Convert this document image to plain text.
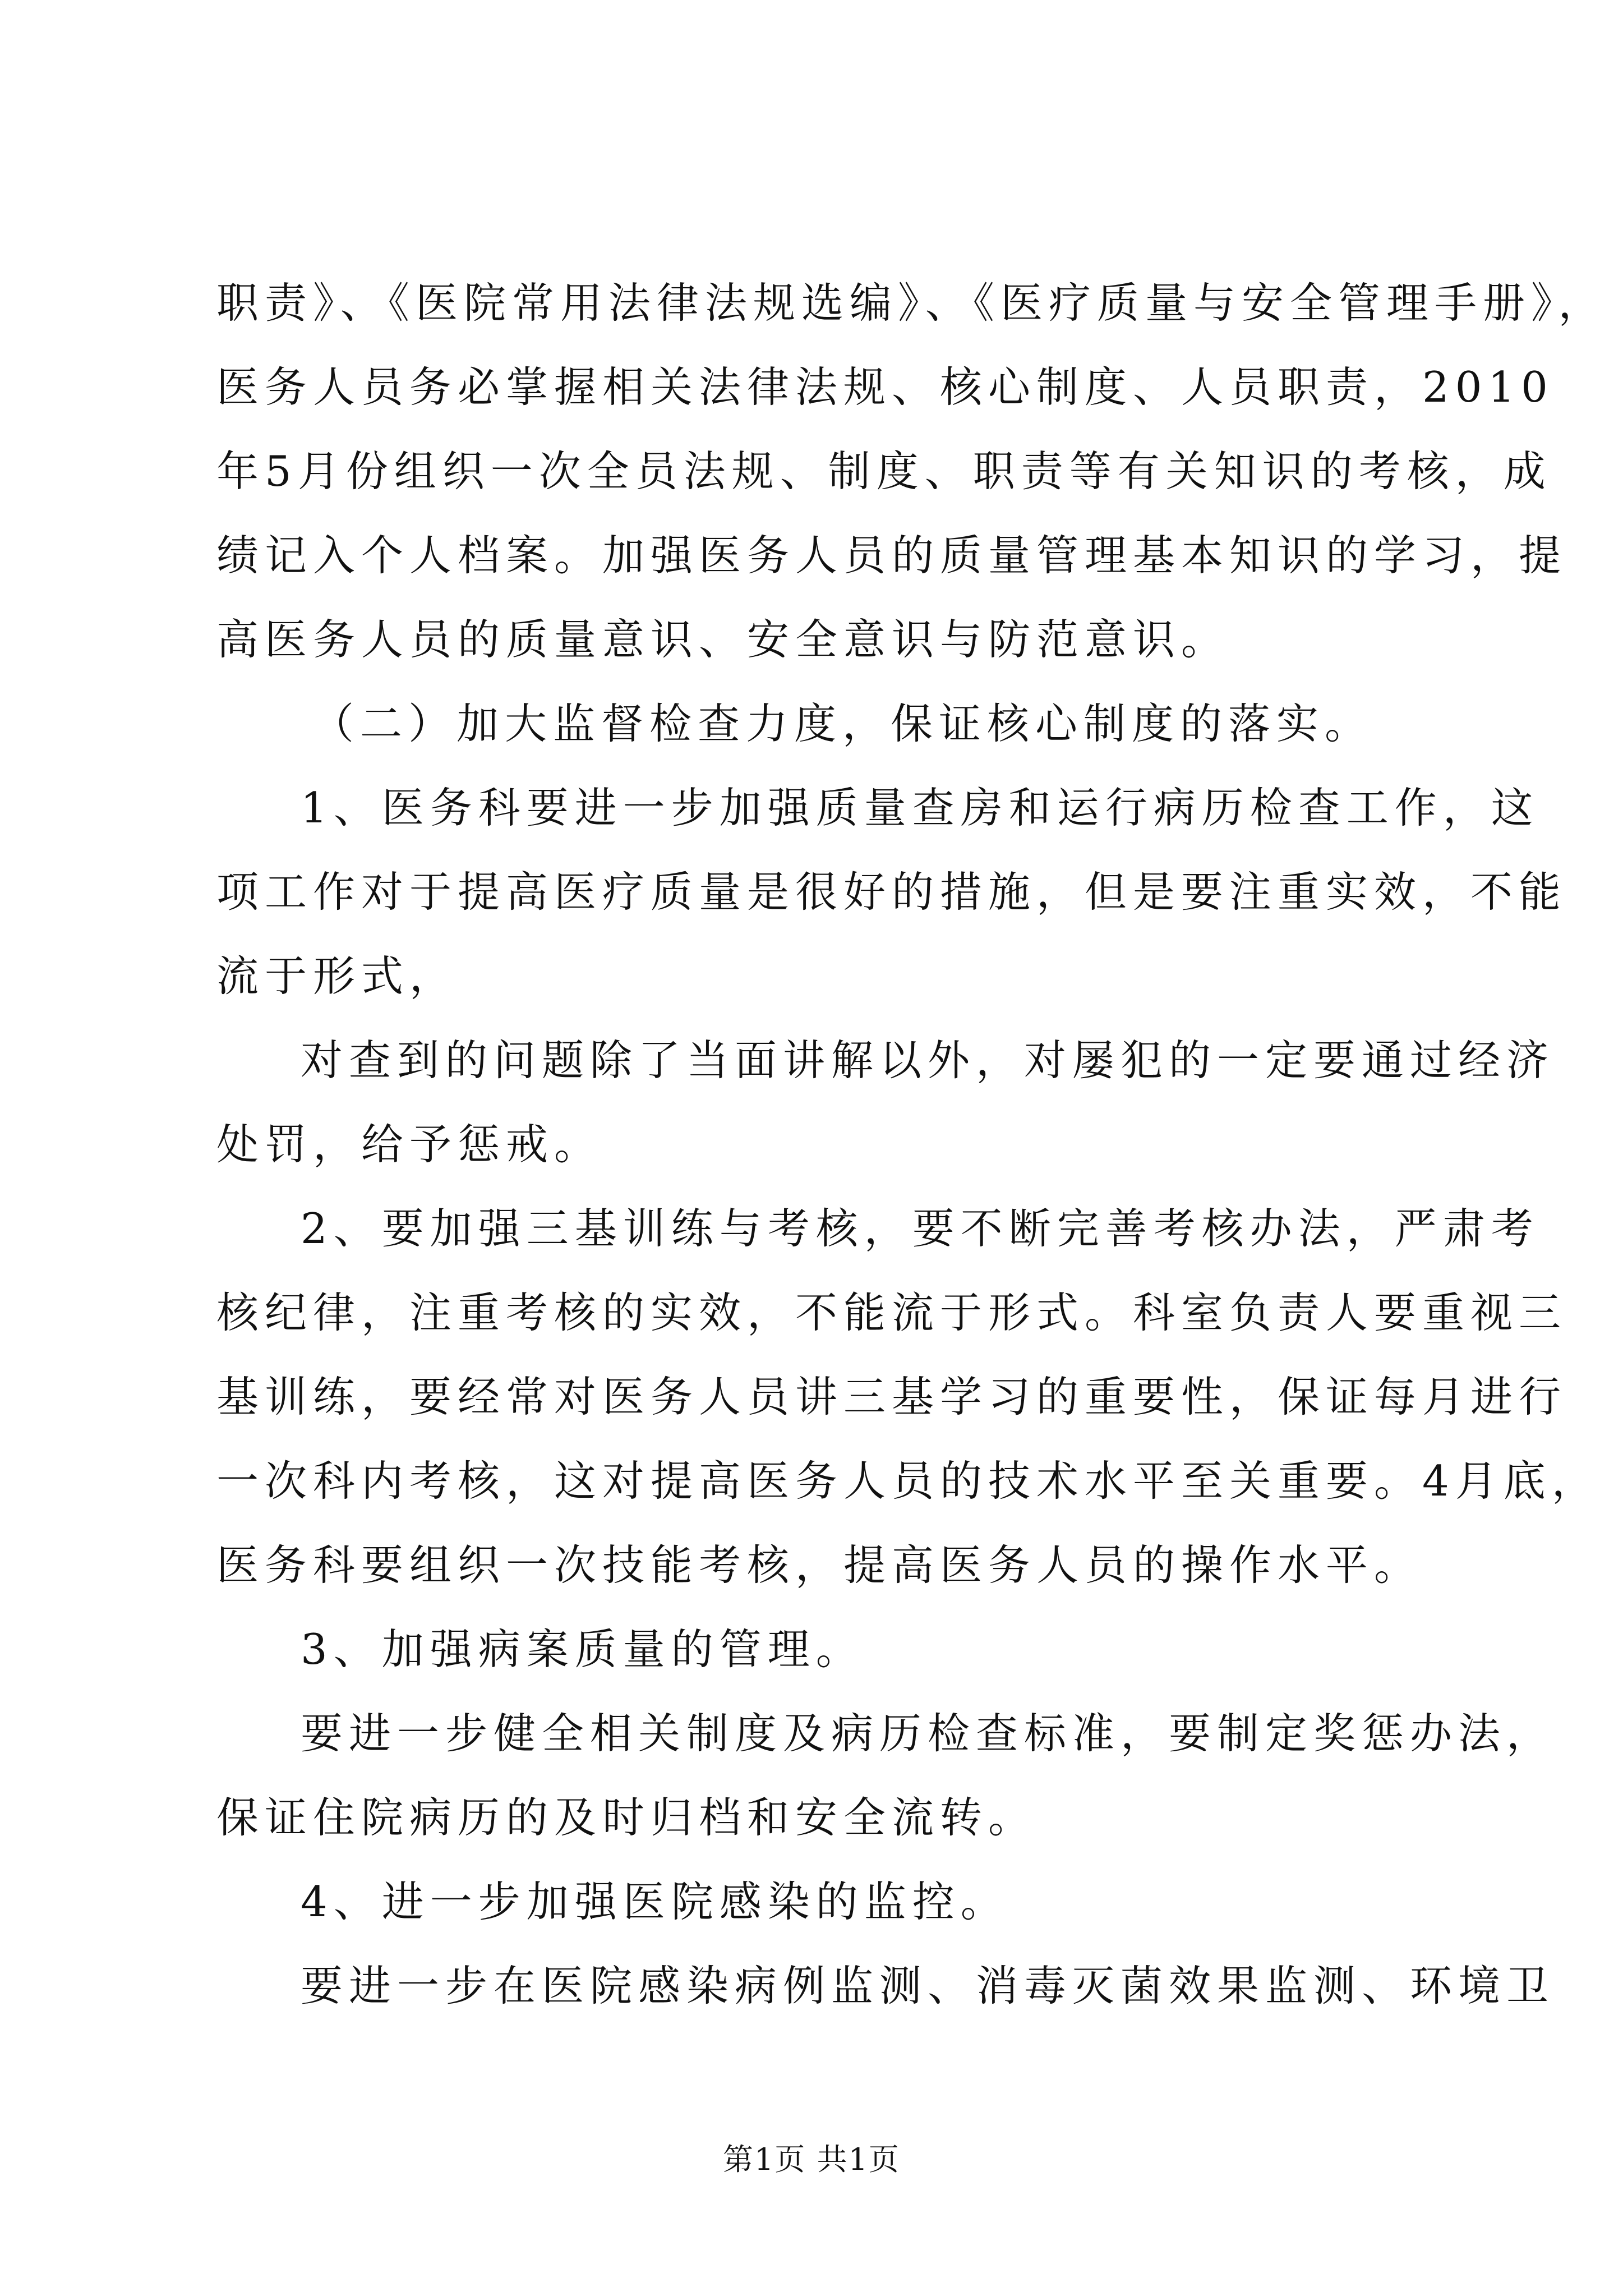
职责》、《医院常用法律法规选编》、《医疗质量与安全管理手册》，
医务人员务必掌握相关法律法规、核心制度、人员职责，2010
年5月份组织一次全员法规、制度、职责等有关知识的考核，成
绩记入个人档案。加强医务人员的质量管理基本知识的学习，提
高医务人员的质量意识、安全意识与防范意识。
（二）加大监督检查力度，保证核心制度的落实。
1、医务科要进一步加强质量查房和运行病历检查工作，这
项工作对于提高医疗质量是很好的措施，但是要注重实效，不能
流于形式，
对查到的问题除了当面讲解以外，对屡犯的一定要通过经济
处罚，给予惩戒。
2、要加强三基训练与考核，要不断完善考核办法，严肃考
核纪律，注重考核的实效，不能流于形式。科室负责人要重视三
基训练，要经常对医务人员讲三基学习的重要性，保证每月进行
一次科内考核，这对提高医务人员的技术水平至关重要。4月底，
医务科要组织一次技能考核，提高医务人员的操作水平。
3、加强病案质量的管理。
要进一步健全相关制度及病历检查标准，要制定奖惩办法，
保证住院病历的及时归档和安全流转。
4、进一步加强医院感染的监控。
要进一步在医院感染病例监测、消毒灭菌效果监测、环境卫
第1页 共1页
